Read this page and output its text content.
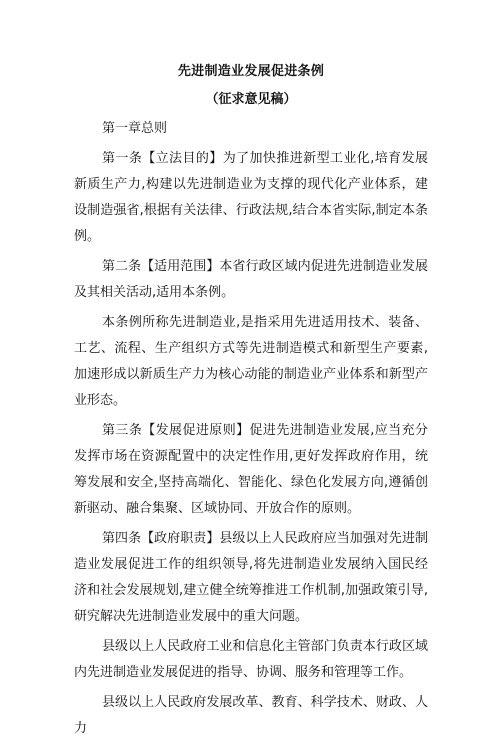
先进制造业发展促进条例
（征求意见稿）
第一章总则
第一条【立法目的】为了加快推进新型工业化,培育发展新质生产力,构建以先进制造业为支撑的现代化产业体系，建设制造强省,根据有关法律、行政法规,结合本省实际,制定本条例。
第二条【适用范围】本省行政区域内促进先进制造业发展及其相关活动,适用本条例。
本条例所称先进制造业,是指采用先进适用技术、装备、工艺、流程、生产组织方式等先进制造模式和新型生产要素,加速形成以新质生产力为核心动能的制造业产业体系和新型产业形态。
第三条【发展促进原则】促进先进制造业发展,应当充分发挥市场在资源配置中的决定性作用,更好发挥政府作用，统筹发展和安全,坚持高端化、智能化、绿色化发展方向,遵循创新驱动、融合集聚、区域协同、开放合作的原则。
第四条【政府职责】县级以上人民政府应当加强对先进制造业发展促进工作的组织领导,将先进制造业发展纳入国民经济和社会发展规划,建立健全统筹推进工作机制,加强政策引导,研究解决先进制造业发展中的重大问题。
县级以上人民政府工业和信息化主管部门负责本行政区域内先进制造业发展促进的指导、协调、服务和管理等工作。
县级以上人民政府发展改革、教育、科学技术、财政、人力
